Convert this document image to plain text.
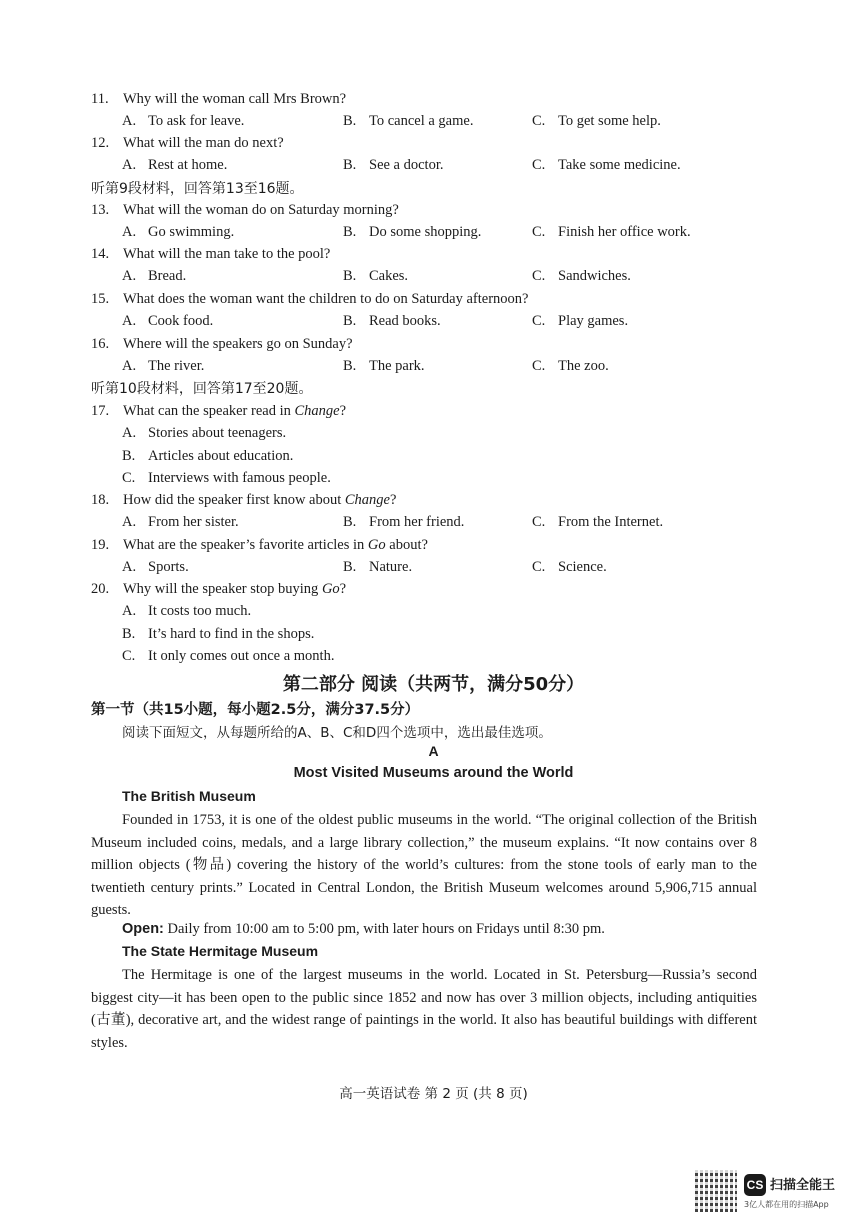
11. Why will the woman call Mrs Brown?
A. To ask for leave.	B. To cancel a game.	C. To get some help.
12. What will the man do next?
A. Rest at home.	B. See a doctor.	C. Take some medicine.
13. What will the woman do on Saturday morning?
A. Go swimming.	B. Do some shopping.	C. Finish her office work.
14. What will the man take to the pool?
A. Bread.	B. Cakes.	C. Sandwiches.
15. What does the woman want the children to do on Saturday afternoon?
A. Cook food.	B. Read books.	C. Play games.
16. Where will the speakers go on Sunday?
A. The river.	B. The park.	C. The zoo.
17. What can the speaker read in Change?
A. Stories about teenagers.
B. Articles about education.
C. Interviews with famous people.
18. How did the speaker first know about Change?
A. From her sister.	B. From her friend.	C. From the Internet.
19. What are the speaker’s favorite articles in Go about?
A. Sports.	B. Nature.	C. Science.
20. Why will the speaker stop buying Go?
A. It costs too much.
B. It’s hard to find in the shops.
C. It only comes out once a month.
听第9段材料，回答第13至16题。
听第10段材料，回答第17至20题。
第二部分 阅读（共两节，满分50分）
第一节（共15小题，每小题2.5分，满分37.5分）
阅读下面短文，从每题所给的A、B、C和D四个选项中，选出最佳选项。
A
Most Visited Museums around the World
The British Museum
Founded in 1753, it is one of the oldest public museums in the world. “The original collection of the British Museum included coins, medals, and a large library collection,” the museum explains. “It now contains over 8 million objects (物品) covering the history of the world’s cultures: from the stone tools of early man to the twentieth century prints.” Located in Central London, the British Museum welcomes around 5,906,715 annual guests.
Open: Daily from 10:00 am to 5:00 pm, with later hours on Fridays until 8:30 pm.
The State Hermitage Museum
The Hermitage is one of the largest museums in the world. Located in St. Petersburg—Russia’s second biggest city—it has been open to the public since 1852 and now has over 3 million objects, including antiquities (古董), decorative art, and the widest range of paintings in the world. It also has beautiful buildings with different styles.
高一英语试卷 第 2 页 (共 8 页)
CS 扫描全能王
3亿人都在用的扫描App
